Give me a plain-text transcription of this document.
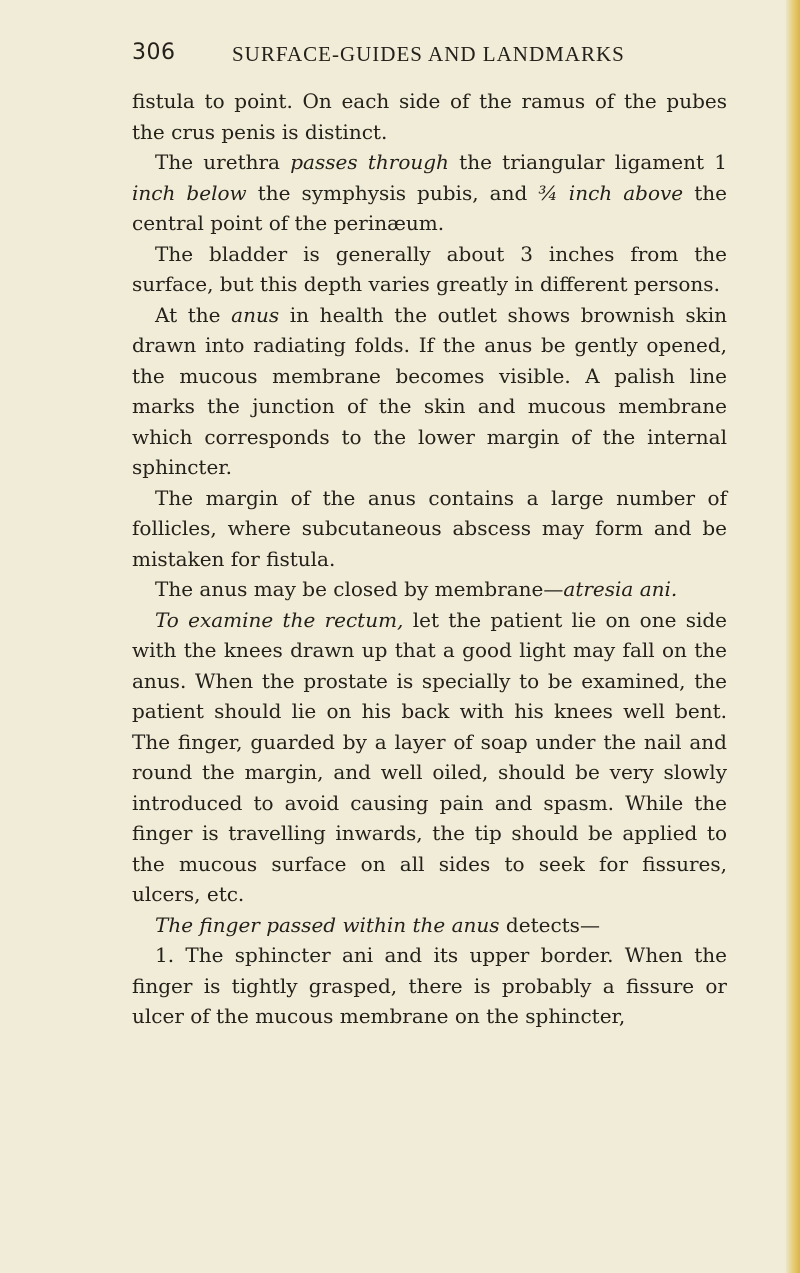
306	SURFACE-GUIDES AND LANDMARKS

fistula to point. On each side of the ramus of the pubes the crus penis is distinct.

The urethra passes through the triangular ligament 1 inch below the symphysis pubis, and ¾ inch above the central point of the perinæum.

The bladder is generally about 3 inches from the surface, but this depth varies greatly in different persons.

At the anus in health the outlet shows brownish skin drawn into radiating folds. If the anus be gently opened, the mucous membrane becomes visible. A palish line marks the junction of the skin and mucous membrane which corresponds to the lower margin of the internal sphincter.

The margin of the anus contains a large number of follicles, where subcutaneous abscess may form and be mistaken for fistula.

The anus may be closed by membrane—atresia ani.

To examine the rectum, let the patient lie on one side with the knees drawn up that a good light may fall on the anus. When the prostate is specially to be examined, the patient should lie on his back with his knees well bent. The finger, guarded by a layer of soap under the nail and round the margin, and well oiled, should be very slowly introduced to avoid causing pain and spasm. While the finger is travelling inwards, the tip should be applied to the mucous surface on all sides to seek for fissures, ulcers, etc.

The finger passed within the anus detects—

1. The sphincter ani and its upper border. When the finger is tightly grasped, there is probably a fissure or ulcer of the mucous membrane on the sphincter,
